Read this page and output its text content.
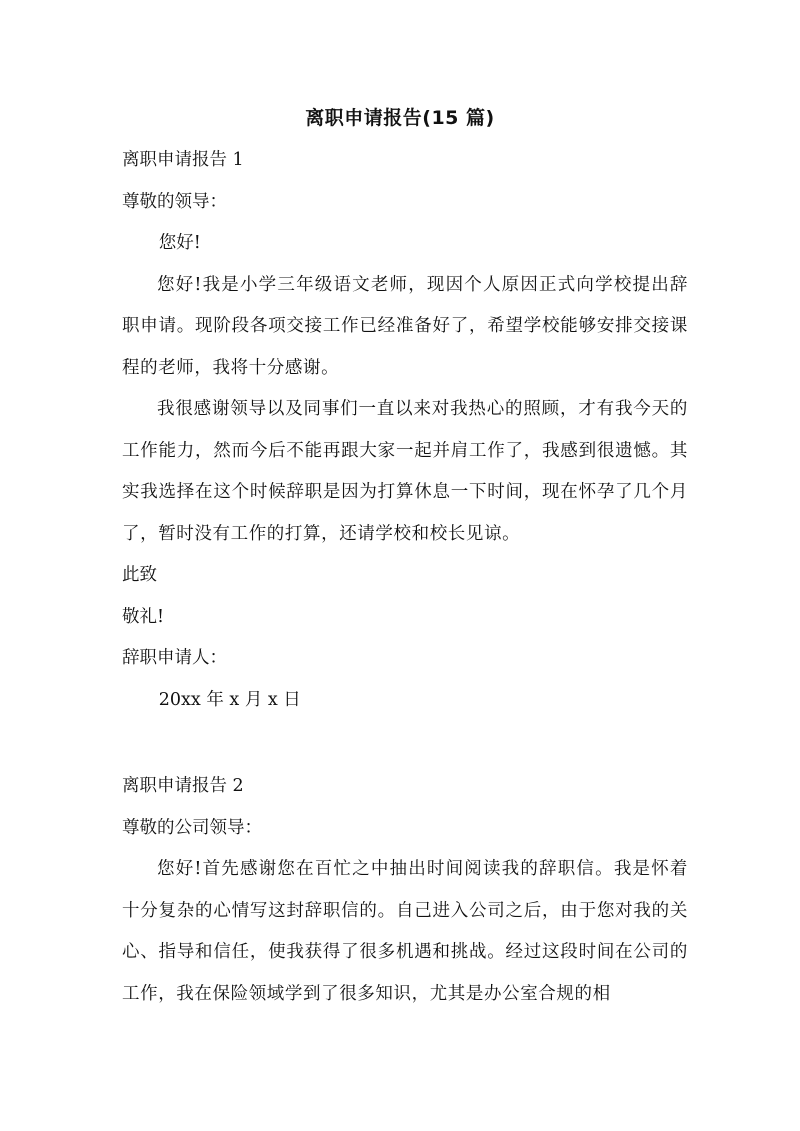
离职申请报告(15 篇)
离职申请报告 1
尊敬的领导：
您好!
您好!我是小学三年级语文老师，现因个人原因正式向学校提出辞职申请。现阶段各项交接工作已经准备好了，希望学校能够安排交接课程的老师，我将十分感谢。
我很感谢领导以及同事们一直以来对我热心的照顾，才有我今天的工作能力，然而今后不能再跟大家一起并肩工作了，我感到很遗憾。其实我选择在这个时候辞职是因为打算休息一下时间，现在怀孕了几个月了，暂时没有工作的打算，还请学校和校长见谅。
此致
敬礼!
辞职申请人：
20xx 年 x 月 x 日
离职申请报告 2
尊敬的公司领导：
您好!首先感谢您在百忙之中抽出时间阅读我的辞职信。我是怀着十分复杂的心情写这封辞职信的。自己进入公司之后，由于您对我的关心、指导和信任，使我获得了很多机遇和挑战。经过这段时间在公司的工作，我在保险领域学到了很多知识，尤其是办公室合规的相
